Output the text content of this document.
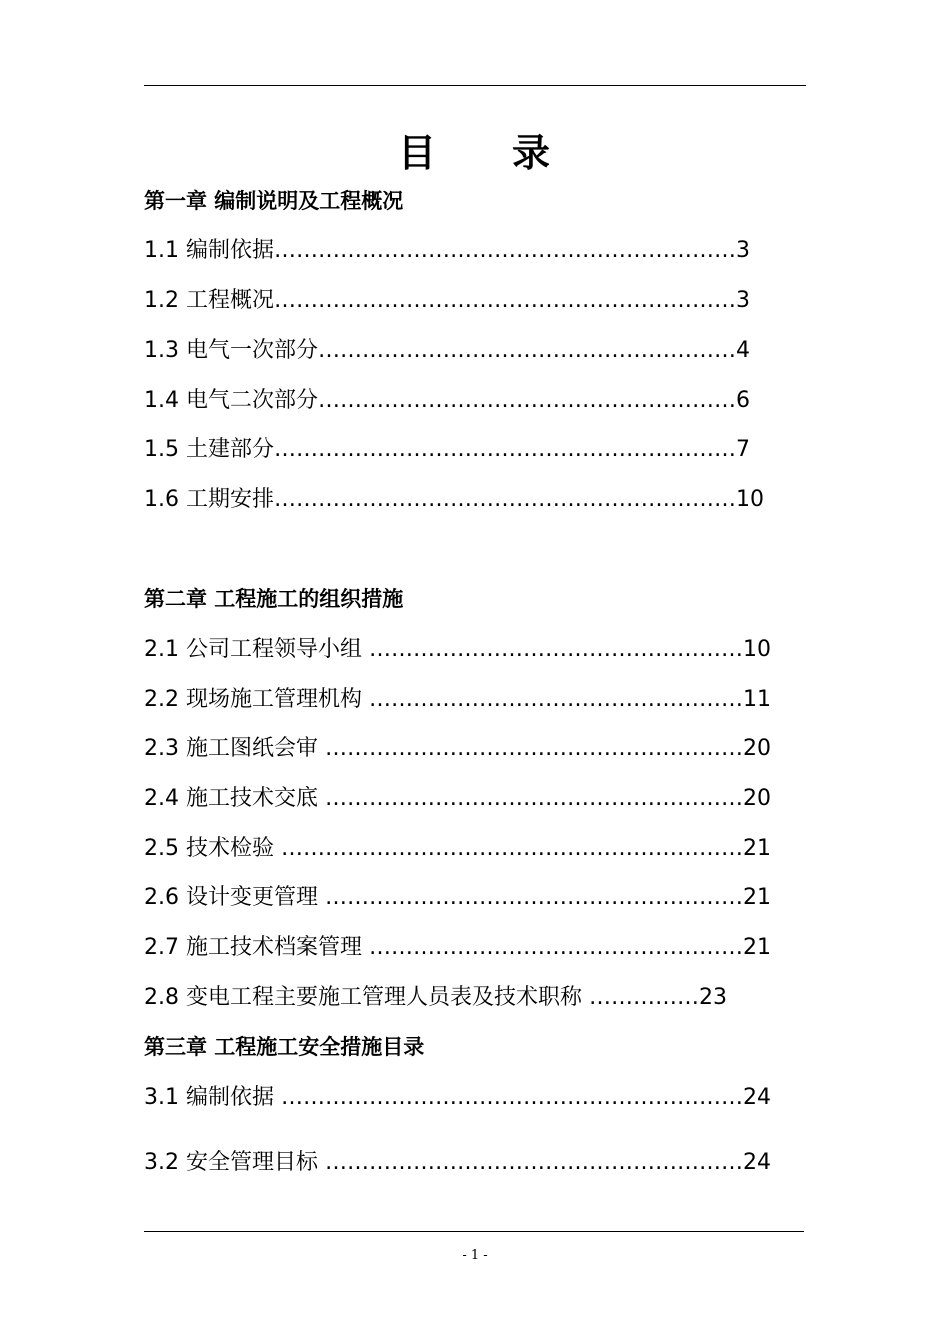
目 录
第一章 编制说明及工程概况
1.1 编制依据………………………………………………………3
1.2 工程概况………………………………………………………3
1.3 电气一次部分…………………………………………………4
1.4 电气二次部分…………………………………………………6
1.5 土建部分………………………………………………………7
1.6 工期安排………………………………………………………10
第二章 工程施工的组织措施
2.1 公司工程领导小组 ……………………………………………10
2.2 现场施工管理机构 ……………………………………………11
2.3 施工图纸会审 …………………………………………………20
2.4 施工技术交底 …………………………………………………20
2.5 技术检验 ………………………………………………………21
2.6 设计变更管理 …………………………………………………21
2.7 施工技术档案管理 ……………………………………………21
2.8 变电工程主要施工管理人员表及技术职称 ……………23
第三章 工程施工安全措施目录
3.1 编制依据 ………………………………………………………24
3.2 安全管理目标 …………………………………………………24
- 1 -
